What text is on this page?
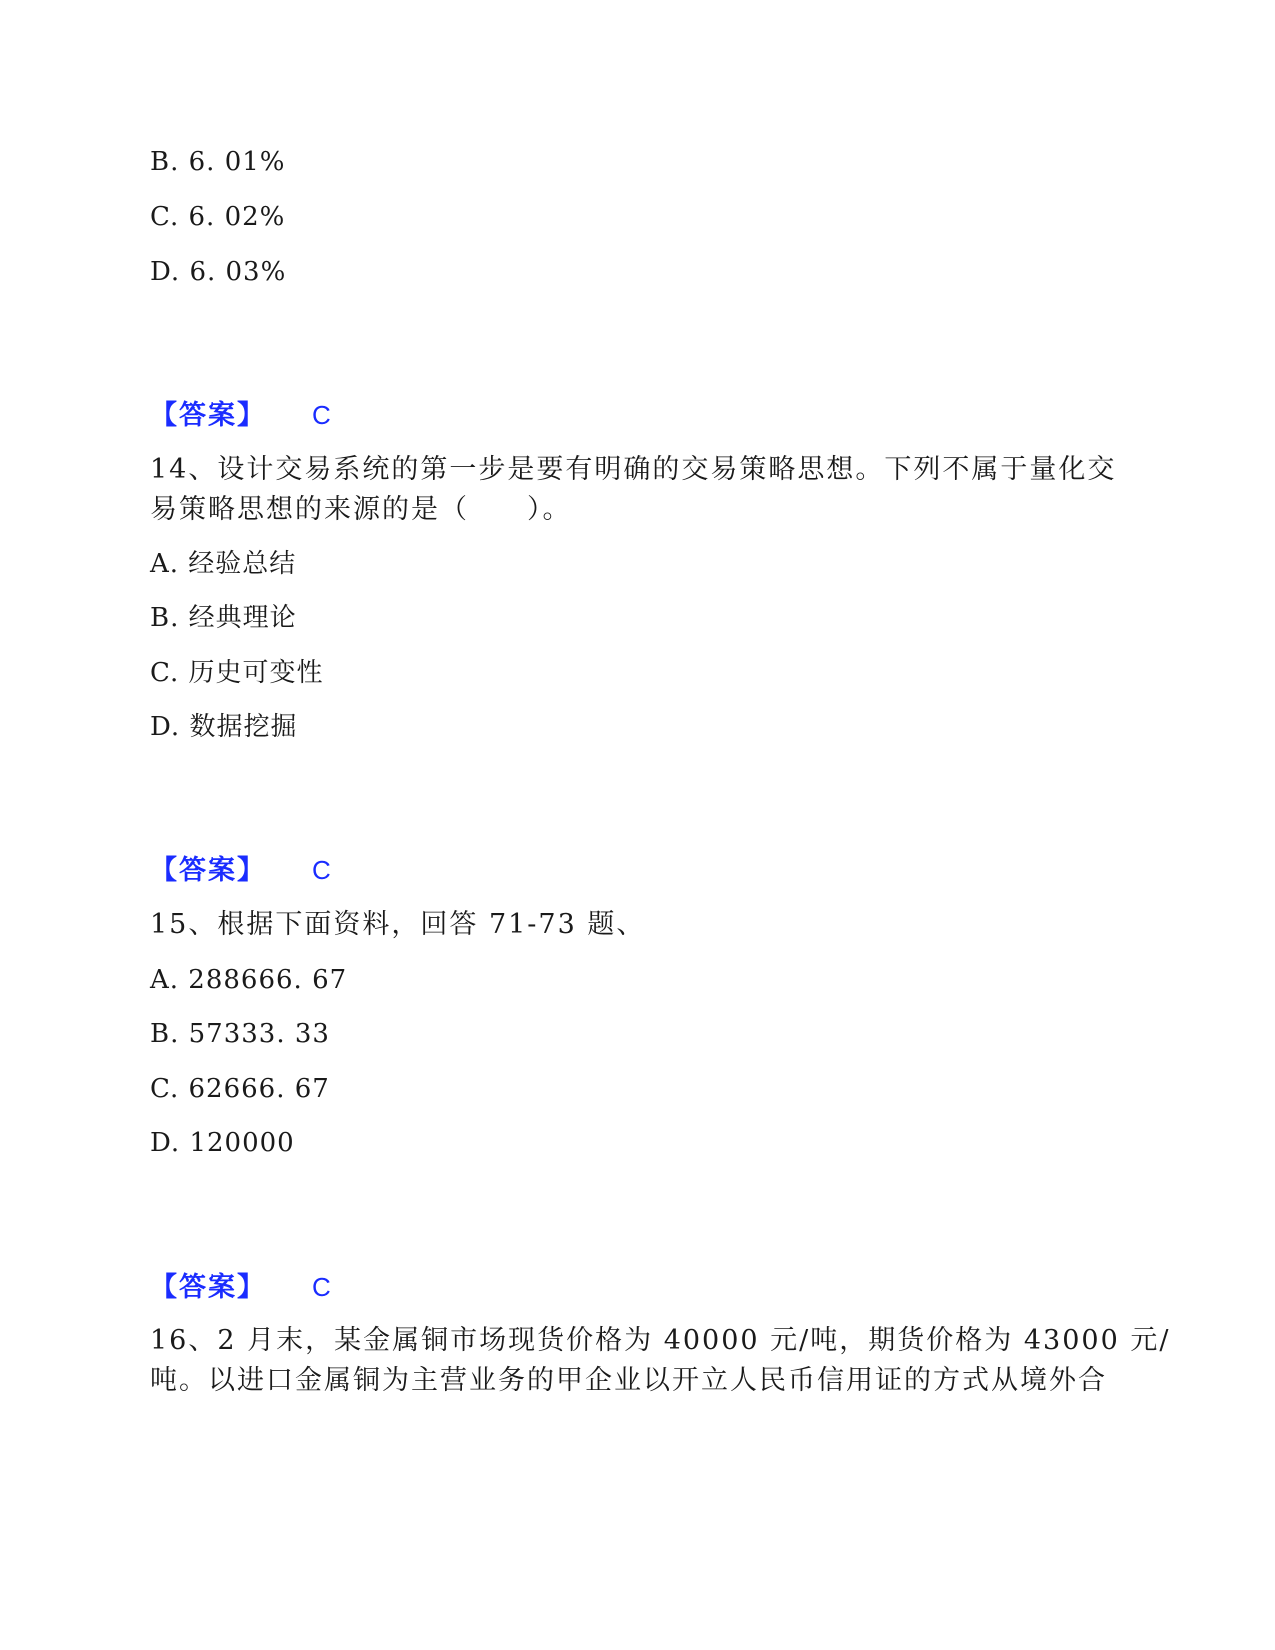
B. 6. 01%
C. 6. 02%
D. 6. 03%
【答案】 C
14、设计交易系统的第一步是要有明确的交易策略思想。下列不属于量化交
易策略思想的来源的是（　　）。
A. 经验总结
B. 经典理论
C. 历史可变性
D. 数据挖掘
【答案】 C
15、根据下面资料，回答 71-73 题、
A. 288666. 67
B. 57333. 33
C. 62666. 67
D. 120000
【答案】 C
16、2 月末，某金属铜市场现货价格为 40000 元/吨，期货价格为 43000 元/
吨。以进口金属铜为主营业务的甲企业以开立人民币信用证的方式从境外合
